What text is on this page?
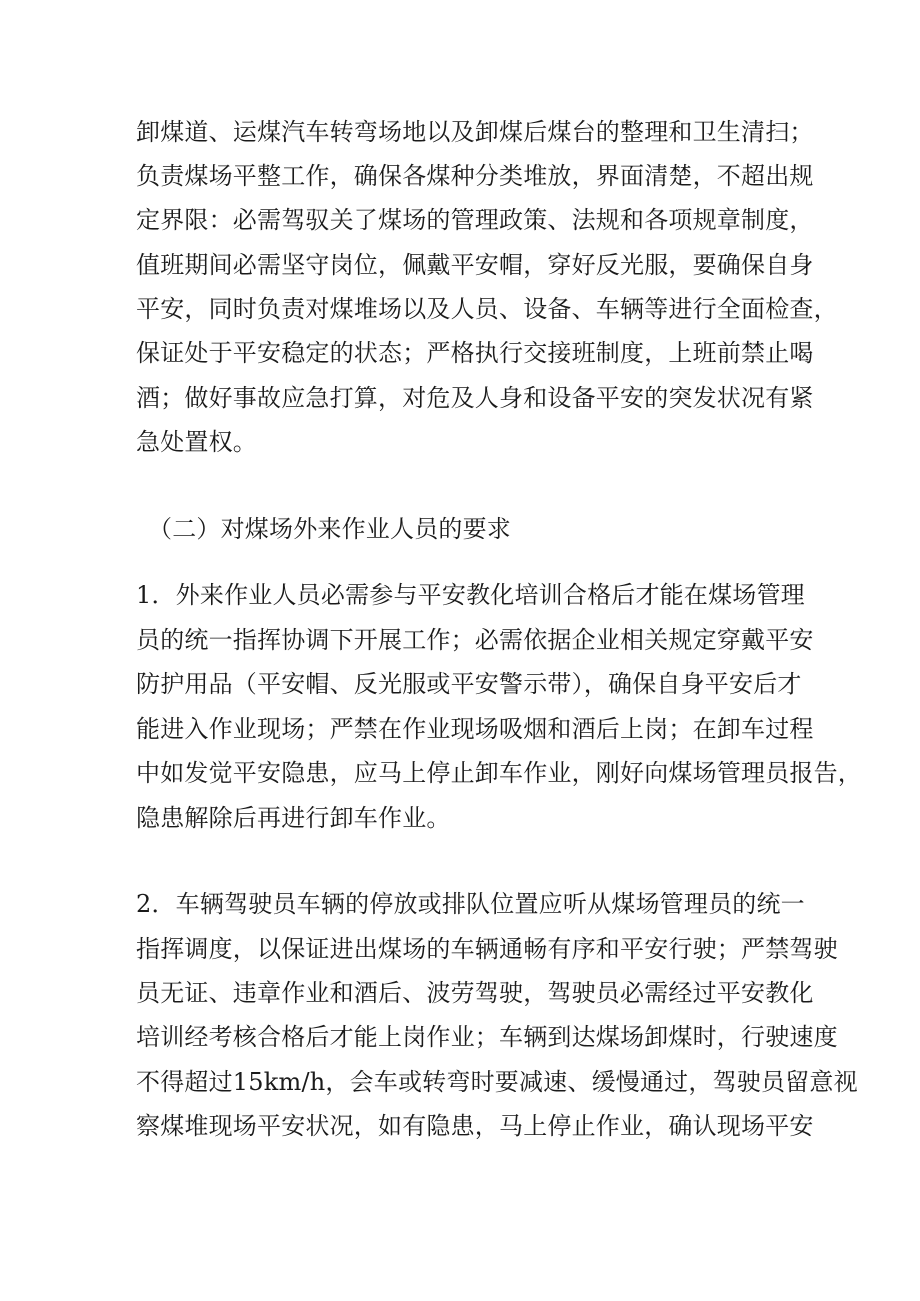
卸煤道、运煤汽车转弯场地以及卸煤后煤台的整理和卫生清扫；
负责煤场平整工作，确保各煤种分类堆放，界面清楚，不超出规
定界限：必需驾驭关了煤场的管理政策、法规和各项规章制度，
值班期间必需坚守岗位，佩戴平安帽，穿好反光服，要确保自身
平安，同时负责对煤堆场以及人员、设备、车辆等进行全面检查，
保证处于平安稳定的状态；严格执行交接班制度，上班前禁止喝
酒；做好事故应急打算，对危及人身和设备平安的突发状况有紧
急处置权。
（二）对煤场外来作业人员的要求
1．外来作业人员必需参与平安教化培训合格后才能在煤场管理
员的统一指挥协调下开展工作；必需依据企业相关规定穿戴平安
防护用品（平安帽、反光服或平安警示带），确保自身平安后才
能进入作业现场；严禁在作业现场吸烟和酒后上岗；在卸车过程
中如发觉平安隐患，应马上停止卸车作业，刚好向煤场管理员报告，
隐患解除后再进行卸车作业。
2．车辆驾驶员车辆的停放或排队位置应听从煤场管理员的统一
指挥调度，以保证进出煤场的车辆通畅有序和平安行驶；严禁驾驶
员无证、违章作业和酒后、波劳驾驶，驾驶员必需经过平安教化
培训经考核合格后才能上岗作业；车辆到达煤场卸煤时，行驶速度
不得超过15km/h，会车或转弯时要减速、缓慢通过，驾驶员留意视
察煤堆现场平安状况，如有隐患，马上停止作业，确认现场平安
